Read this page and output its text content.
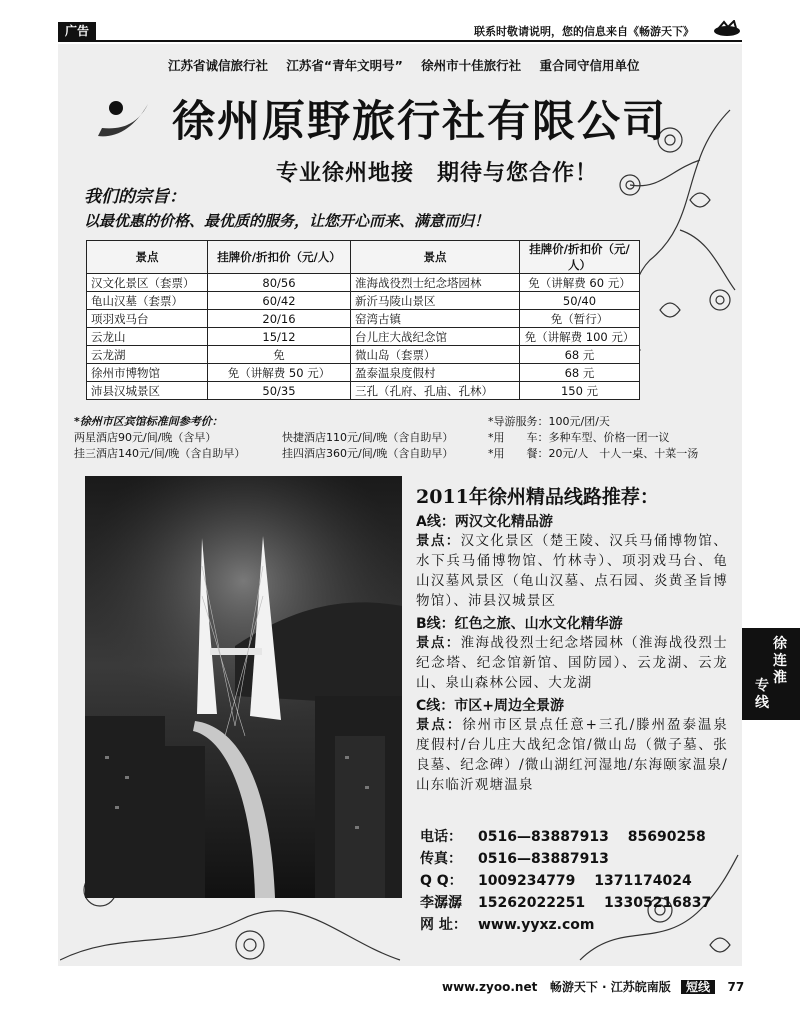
广告	联系时敬请说明，您的信息来自《畅游天下》
江苏省诚信旅行社 江苏省“青年文明号” 徐州市十佳旅行社 重合同守信用单位
徐州原野旅行社有限公司
专业徐州地接　期待与您合作！
我们的宗旨：
以最优惠的价格、最优质的服务，让您开心而来、满意而归！
景点	挂牌价/折扣价（元/人）	景点	挂牌价/折扣价（元/人）
汉文化景区（套票）	80/56	淮海战役烈士纪念塔园林	免（讲解费 60 元）
龟山汉墓（套票）	60/42	新沂马陵山景区	50/40
项羽戏马台	20/16	窑湾古镇	免（暂行）
云龙山	15/12	台儿庄大战纪念馆	免（讲解费 100 元）
云龙湖	免	微山岛（套票）	68 元
徐州市博物馆	免（讲解费 50 元）	盈泰温泉度假村	68 元
沛县汉城景区	50/35	三孔（孔府、孔庙、孔林）	150 元
*徐州市区宾馆标准间参考价：
两星酒店90元/间/晚（含早）	快捷酒店110元/间/晚（含自助早）
挂三酒店140元/间/晚（含自助早）	挂四酒店360元/间/晚（含自助早）
*导游服务：100元/团/天
*用　　车：多种车型、价格一团一议
*用　　餐：20元/人　十人一桌、十菜一汤
2011年徐州精品线路推荐：
A线：两汉文化精品游
景点：汉文化景区（楚王陵、汉兵马俑博物馆、水下兵马俑博物馆、竹林寺）、项羽戏马台、龟山汉墓风景区（龟山汉墓、点石园、炎黄圣旨博物馆）、沛县汉城景区
B线：红色之旅、山水文化精华游
景点：淮海战役烈士纪念塔园林（淮海战役烈士纪念塔、纪念馆新馆、国防园）、云龙湖、云龙山、泉山森林公园、大龙湖
C线：市区+周边全景游
景点：徐州市区景点任意+三孔/滕州盈泰温泉度假村/台儿庄大战纪念馆/微山岛（微子墓、张良墓、纪念碑）/微山湖红河湿地/东海颐家温泉/山东临沂观塘温泉
电话： 0516—83887913　 85690258
传真： 0516—83887913
Q Q： 1009234779　 1371174024
李潺潺 15262022251　 13305216837
网 址： www.yyxz.com
徐
连
淮
专
线
www.zyoo.net 畅游天下 · 江苏皖南版 短线 77
